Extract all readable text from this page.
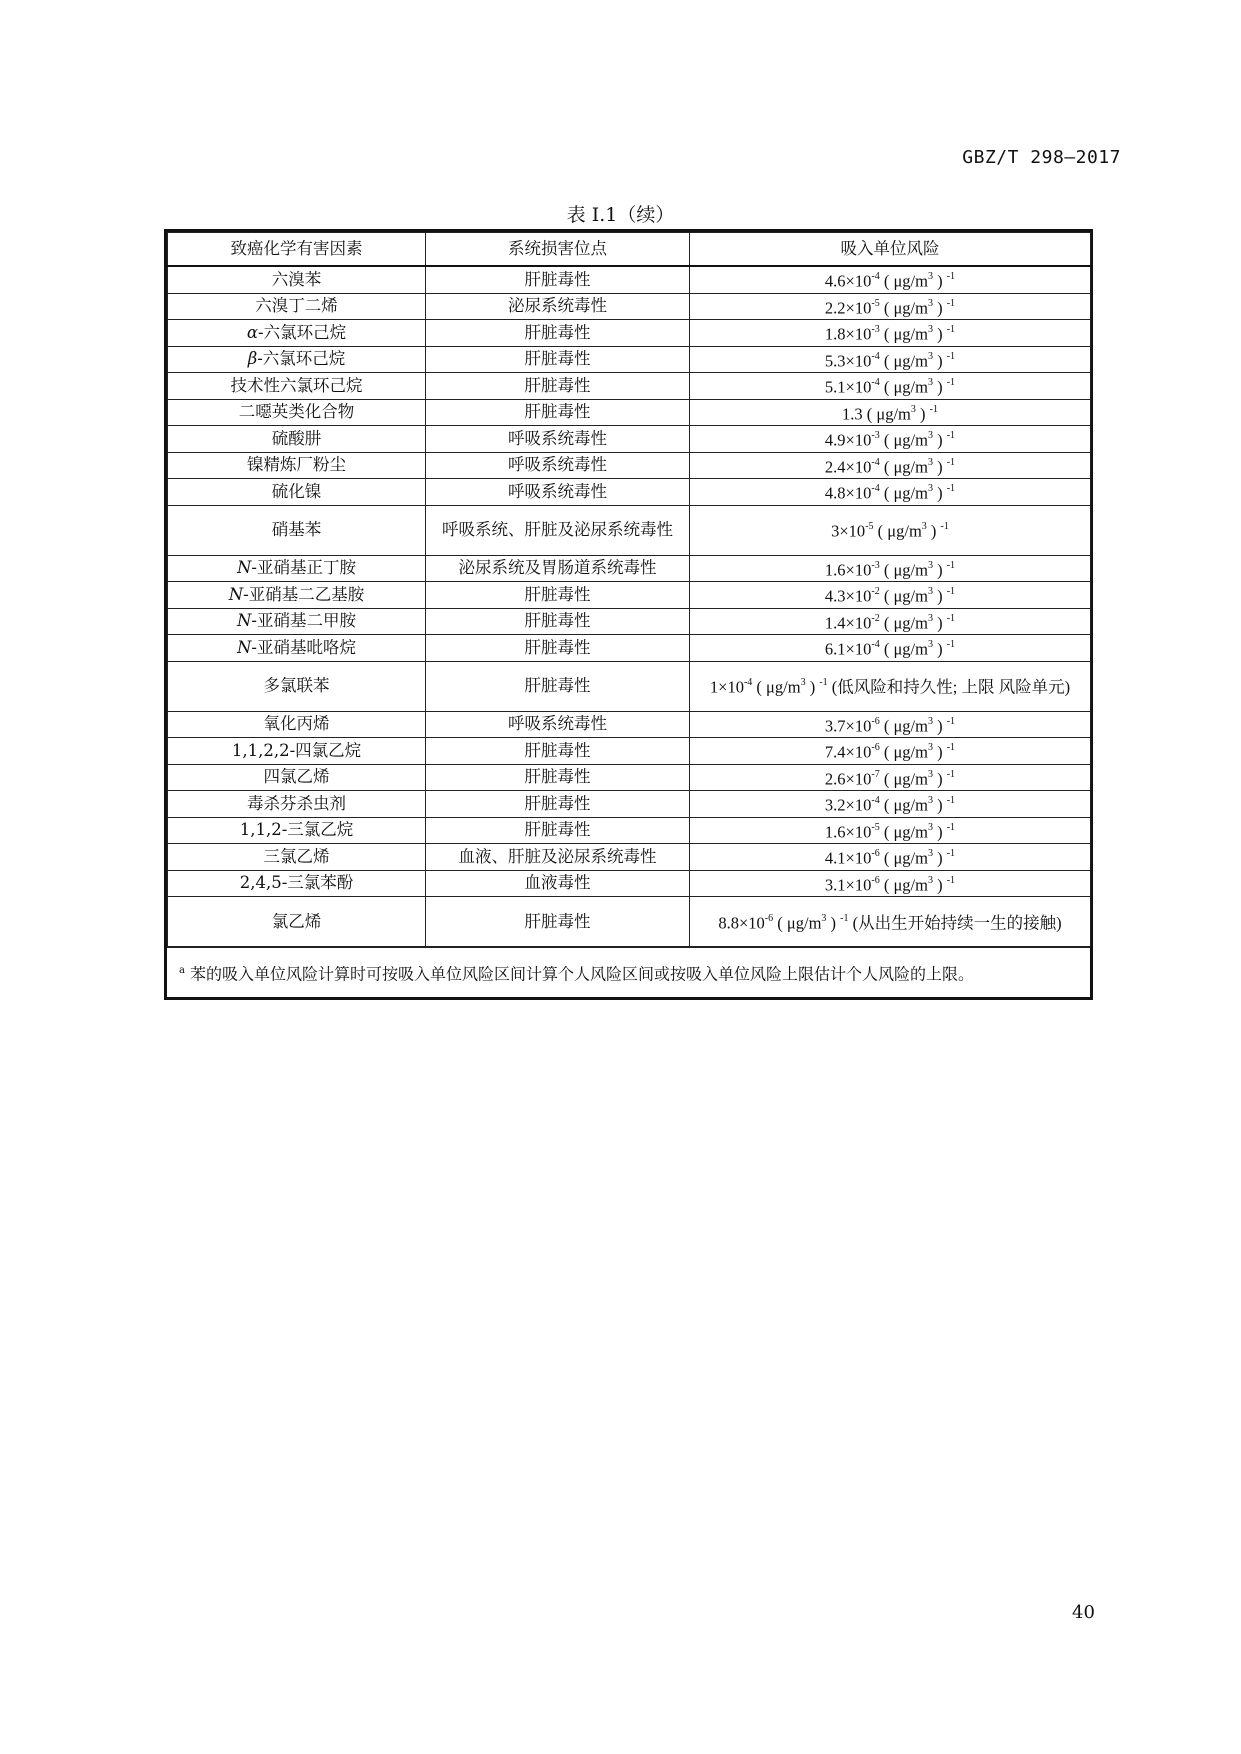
GBZ/T 298—2017
表 I.1（续）
致癌化学有害因素	系统损害位点	吸入单位风险
六溴苯	肝脏毒性	$4.6\times 10^{-4}$ ( $\mu g/m^3$ ) $^{-1}$
六溴丁二烯	泌尿系统毒性	$2.2\times 10^{-5}$ ( $\mu g/m^3$ ) $^{-1}$
α-六氯环己烷	肝脏毒性	$1.8\times 10^{-3}$ ( $\mu g/m^3$ ) $^{-1}$
β-六氯环己烷	肝脏毒性	$5.3\times 10^{-4}$ ( $\mu g/m^3$ ) $^{-1}$
技术性六氯环己烷	肝脏毒性	$5.1\times 10^{-4}$ ( $\mu g/m^3$ ) $^{-1}$
二噁英类化合物	肝脏毒性	1.3 ( $\mu g/m^3$ ) $^{-1}$
硫酸肼	呼吸系统毒性	$4.9\times 10^{-3}$ ( $\mu g/m^3$ ) $^{-1}$
镍精炼厂粉尘	呼吸系统毒性	$2.4\times 10^{-4}$ ( $\mu g/m^3$ ) $^{-1}$
硫化镍	呼吸系统毒性	$4.8\times 10^{-4}$ ( $\mu g/m^3$ ) $^{-1}$
硝基苯	呼吸系统、肝脏及泌尿系统毒性	$3\times 10^{-5}$ ( $\mu g/m^3$ ) $^{-1}$
N-亚硝基正丁胺	泌尿系统及胃肠道系统毒性	$1.6\times 10^{-3}$ ( $\mu g/m^3$ ) $^{-1}$
N-亚硝基二乙基胺	肝脏毒性	$4.3\times 10^{-2}$ ( $\mu g/m^3$ ) $^{-1}$
N-亚硝基二甲胺	肝脏毒性	$1.4\times 10^{-2}$ ( $\mu g/m^3$ ) $^{-1}$
N-亚硝基吡咯烷	肝脏毒性	$6.1\times 10^{-4}$ ( $\mu g/m^3$ ) $^{-1}$
多氯联苯	肝脏毒性	$1\times 10^{-4}$ ( $\mu g/m^3$ ) $^{-1}$ (低风险和持久性; 上限 风险单元)
氧化丙烯	呼吸系统毒性	$3.7\times 10^{-6}$ ( $\mu g/m^3$ ) $^{-1}$
1,1,2,2-四氯乙烷	肝脏毒性	$7.4\times 10^{-6}$ ( $\mu g/m^3$ ) $^{-1}$
四氯乙烯	肝脏毒性	$2.6\times 10^{-7}$ ( $\mu g/m^3$ ) $^{-1}$
毒杀芬杀虫剂	肝脏毒性	$3.2\times 10^{-4}$ ( $\mu g/m^3$ ) $^{-1}$
1,1,2-三氯乙烷	肝脏毒性	$1.6\times 10^{-5}$ ( $\mu g/m^3$ ) $^{-1}$
三氯乙烯	血液、肝脏及泌尿系统毒性	$4.1\times 10^{-6}$ ( $\mu g/m^3$ ) $^{-1}$
2,4,5-三氯苯酚	血液毒性	$3.1\times 10^{-6}$ ( $\mu g/m^3$ ) $^{-1}$
氯乙烯	肝脏毒性	$8.8\times 10^{-6}$ ( $\mu g/m^3$ ) $^{-1}$ (从出生开始持续一生的接触)
$^a$ 苯的吸入单位风险计算时可按吸入单位风险区间计算个人风险区间或按吸入单位风险上限估计个人风险的上限。
40
